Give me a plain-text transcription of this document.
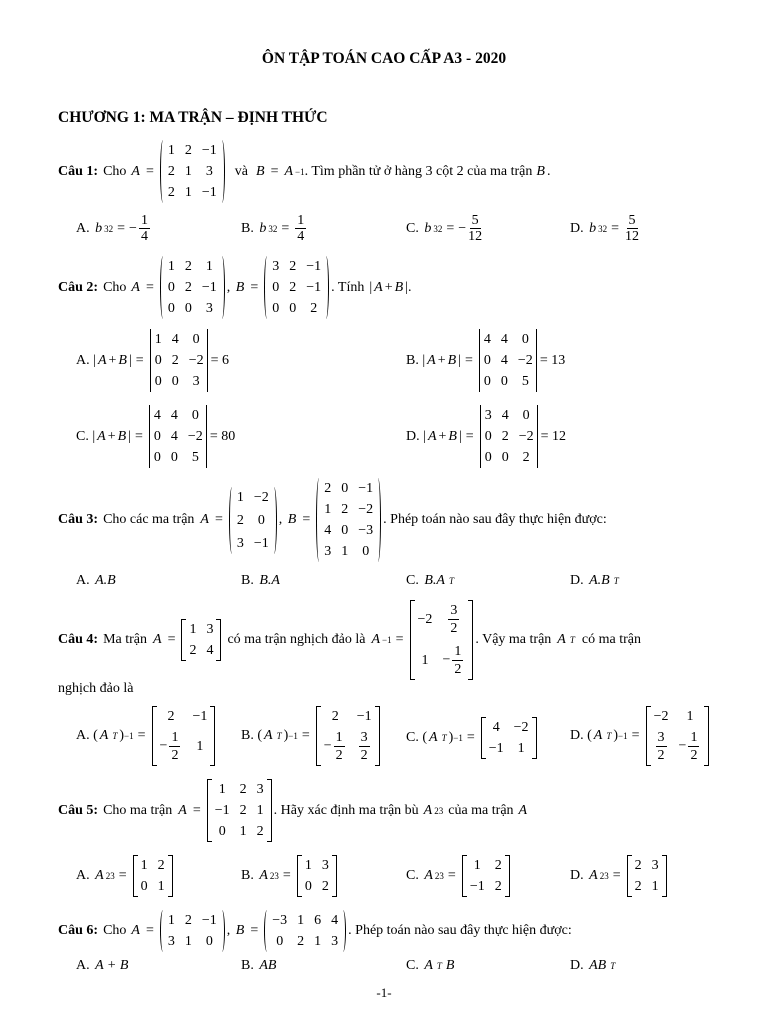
ÔN TẬP TOÁN CAO CẤP A3 - 2020
CHƯƠNG 1: MA TRẬN – ĐỊNH THỨC
Câu 1: Cho A =
1 2 −1
2 1 3
2 1 −1
và B = A −1 . Tìm phần tử ở hàng 3 cột 2 của ma trận B .
A.
b 32 = − $\frac{1}{4}$	B.
b $32 = \frac{1}{4}$	C.
b 32 = − $\frac{5}{12}$	D.
b $32 = \frac{5}{12}$
Câu 2: Cho A =
1 2 1
0 2 −1
0 0 3
, B =
3 2 −1
0 2 −1
0 0 2
. Tính | A + B |.
A. | A + B | =
1 4 0
0 2 −2
0 0 3
= 6	B. | A + B | =
4 4 0
0 4 −2
0 0 5
= 13
C. | A + B | =
4 4 0
0 4 −2
0 0 5
= 80	D. | A + B | =
3 4 0
0 2 −2
0 0 2
= 12
Câu 3: Cho các ma trận A =
1 −2
2 0
3 −1
, B =
2 0 −1
1 2 −2
4 0 −3
3 1 0
. Phép toán nào sau đây thực hiện được:
A.
A.B	B.
B.A	C.
B.A T	D.
A.B T
Câu 4: Ma trận A =
1 3
2 4
có ma trận nghịch đảo là A −1 =
$-2 \frac{3}{2}$
$1 - \frac{1}{2}$
. Vậy ma trận A T có ma trận
nghịch đảo là
A. ( A T ) −1 =
2	−1
− $\frac{1}{2} 1$
B. ( A T ) −1 =
2	−1
− $\frac{1}{2} \frac{3}{2}$	C. ( A T ) −1 =
4 −2
−1 1
D. ( A T ) −1 =
−2	1
$\frac{3}{2} - \frac{1}{2}$
Câu 5: Cho ma trận A =
1 2 3
−1 2 1
0 1 2
. Hãy xác định ma trận bù A 23 của ma trận A
A.
A 23 =
1 2
0 1
B.
A 23 =
1 3
0 2
C.
A 23 =
1 2
−1 2
D.
A 23 =
2 3
2 1
Câu 6: Cho A =
1 2 −1
3 1 0
, B =
−3 1 6 4
0 2 1 3
. Phép toán nào sau đây thực hiện được:
A.
A + B	B.
AB	C.
A T B	D.
AB T
-1-
